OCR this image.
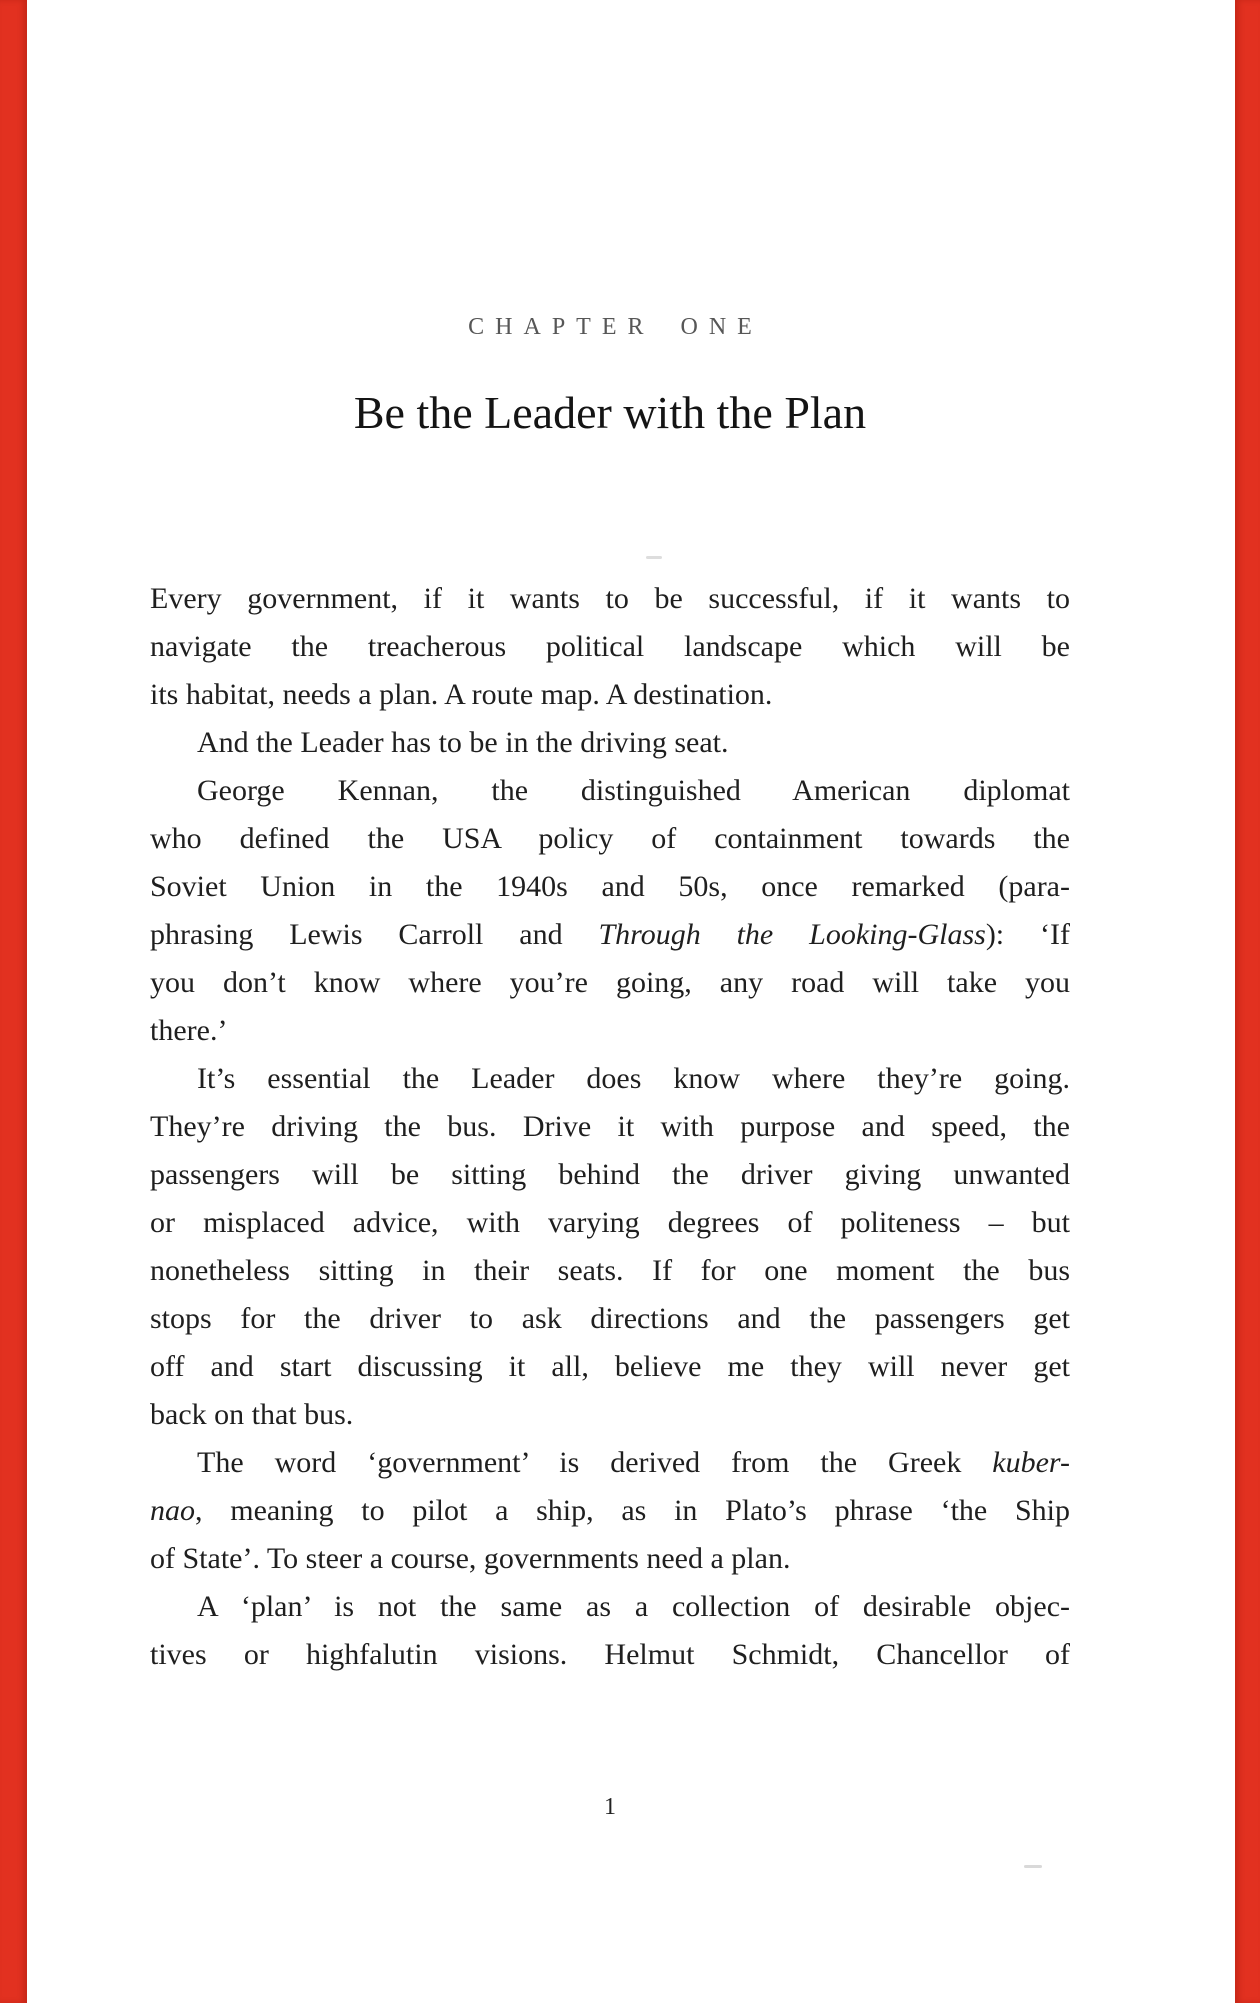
CHAPTER ONE
Be the Leader with the Plan
Every government, if it wants to be successful, if it wants to
navigate the treacherous political landscape which will be
its habitat, needs a plan. A route map. A destination.
And the Leader has to be in the driving seat.
George Kennan, the distinguished American diplomat
who defined the USA policy of containment towards the
Soviet Union in the 1940s and 50s, once remarked (para-
phrasing Lewis Carroll and Through the Looking-Glass): ‘If
you don’t know where you’re going, any road will take you
there.’
It’s essential the Leader does know where they’re going.
They’re driving the bus. Drive it with purpose and speed, the
passengers will be sitting behind the driver giving unwanted
or misplaced advice, with varying degrees of politeness – but
nonetheless sitting in their seats. If for one moment the bus
stops for the driver to ask directions and the passengers get
off and start discussing it all, believe me they will never get
back on that bus.
The word ‘government’ is derived from the Greek kuber-
nao, meaning to pilot a ship, as in Plato’s phrase ‘the Ship
of State’. To steer a course, governments need a plan.
A ‘plan’ is not the same as a collection of desirable objec-
tives or highfalutin visions. Helmut Schmidt, Chancellor of
1
